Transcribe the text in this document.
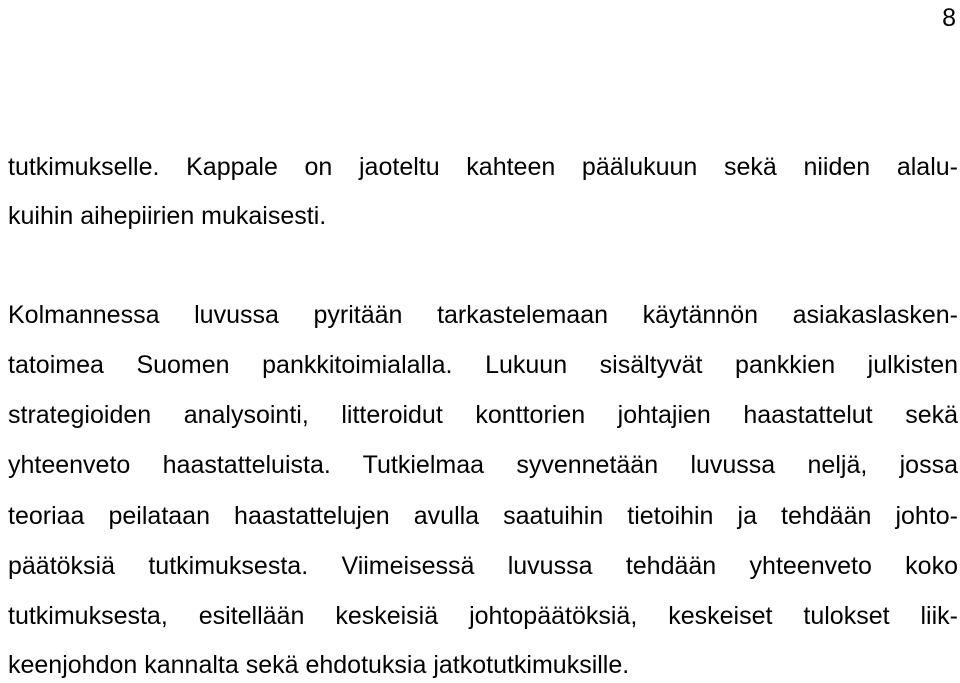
8
tutkimukselle. Kappale on jaoteltu kahteen päälukuun sekä niiden alalu-
kuihin aihepiirien mukaisesti.
Kolmannessa luvussa pyritään tarkastelemaan käytännön asiakaslasken-
tatoimea Suomen pankkitoimialalla. Lukuun sisältyvät pankkien julkisten
strategioiden analysointi, litteroidut konttorien johtajien haastattelut sekä
yhteenveto haastatteluista. Tutkielmaa syvennetään luvussa neljä, jossa
teoriaa peilataan haastattelujen avulla saatuihin tietoihin ja tehdään johto-
päätöksiä tutkimuksesta. Viimeisessä luvussa tehdään yhteenveto koko
tutkimuksesta, esitellään keskeisiä johtopäätöksiä, keskeiset tulokset liik-
keenjohdon kannalta sekä ehdotuksia jatkotutkimuksille.
